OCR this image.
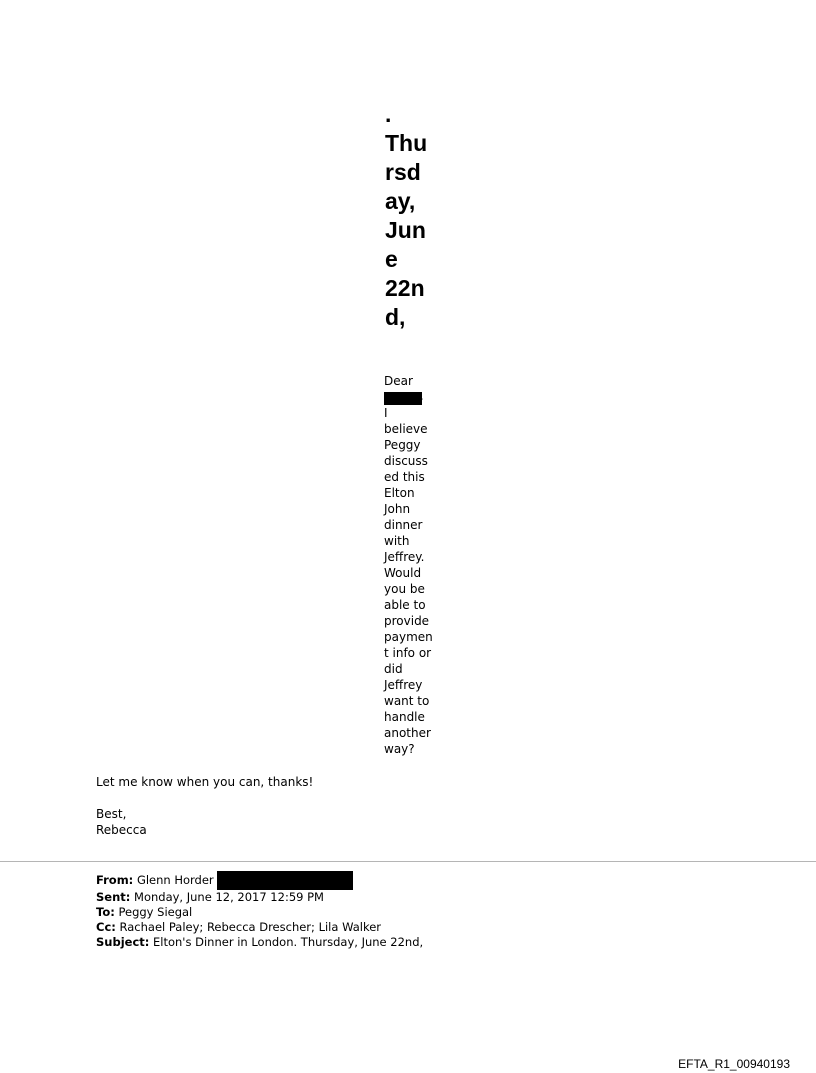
.
Thu
rsd
ay,
Jun
e
22n
d,
Dear
,
I
believe
Peggy
discuss
ed this
Elton
John
dinner
with
Jeffrey.
Would
you be
able to
provide
paymen
t info or
did
Jeffrey
want to
handle
another
way?
Let me know when you can, thanks!
Best,
Rebecca
From: Glenn Horder
Sent: Monday, June 12, 2017 12:59 PM
To: Peggy Siegal
Cc: Rachael Paley; Rebecca Drescher; Lila Walker
Subject: Elton's Dinner in London. Thursday, June 22nd,
EFTA_R1_00940193
